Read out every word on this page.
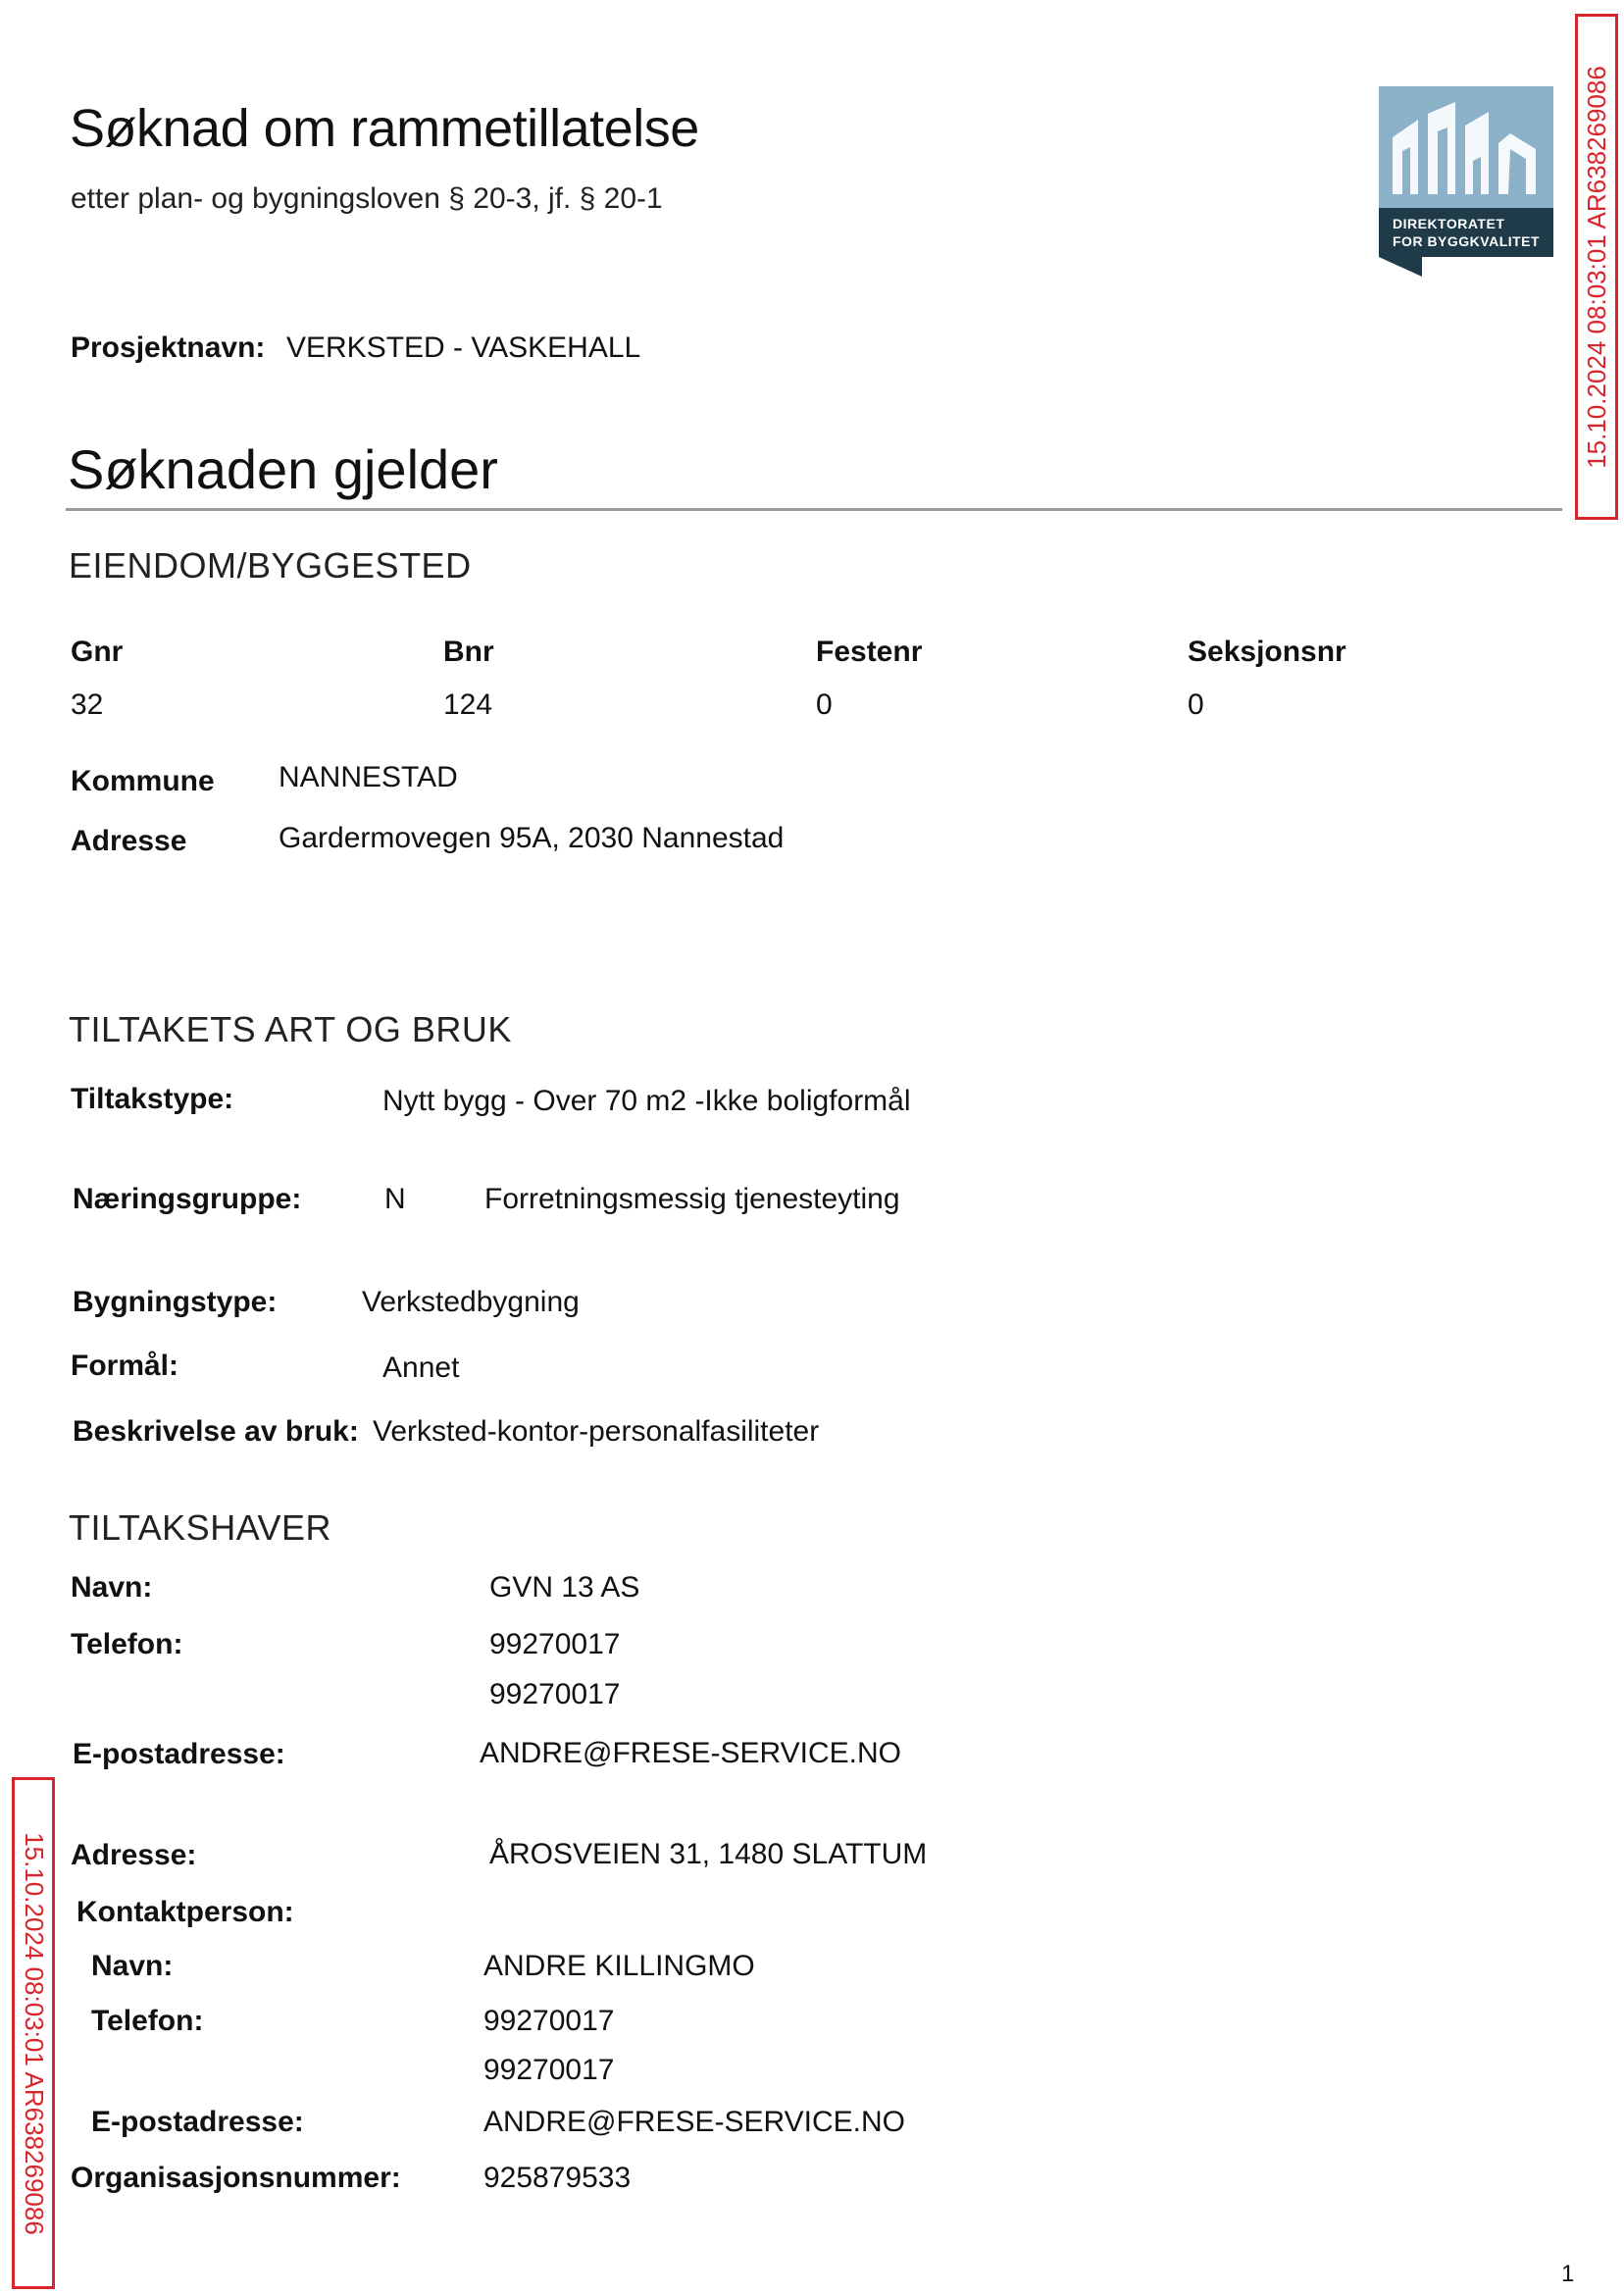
Søknad om rammetillatelse
etter plan- og bygningsloven § 20-3, jf. § 20-1
DIREKTORATET
FOR BYGGKVALITET 15.10.2024 08:03:01 AR638269086
15.10.2024 08:03:01 AR638269086
Prosjektnavn: VERKSTED - VASKEHALL
Søknaden gjelder
EIENDOM/BYGGESTED
Gnr	Bnr	Festenr	Seksjonsnr
32	124	0	0
Kommune NANNESTAD
Adresse	Gardermovegen 95A, 2030 Nannestad
TILTAKETS ART OG BRUK
Tiltakstype:	Nytt bygg - Over 70 m2 -Ikke boligformål
Næringsgruppe:	N	Forretningsmessig tjenesteyting
Bygningstype:	Verkstedbygning
Formål:	Annet
Beskrivelse av bruk: Verksted-kontor-personalfasiliteter
TILTAKSHAVER
Navn:	GVN 13 AS
Telefon:	99270017
99270017
E-postadresse:	ANDRE@FRESE-SERVICE.NO
Adresse:	ÅROSVEIEN 31, 1480 SLATTUM
Kontaktperson:
Navn:	ANDRE KILLINGMO
Telefon:	99270017
99270017
E-postadresse:	ANDRE@FRESE-SERVICE.NO
Organisasjonsnummer:	925879533
1
